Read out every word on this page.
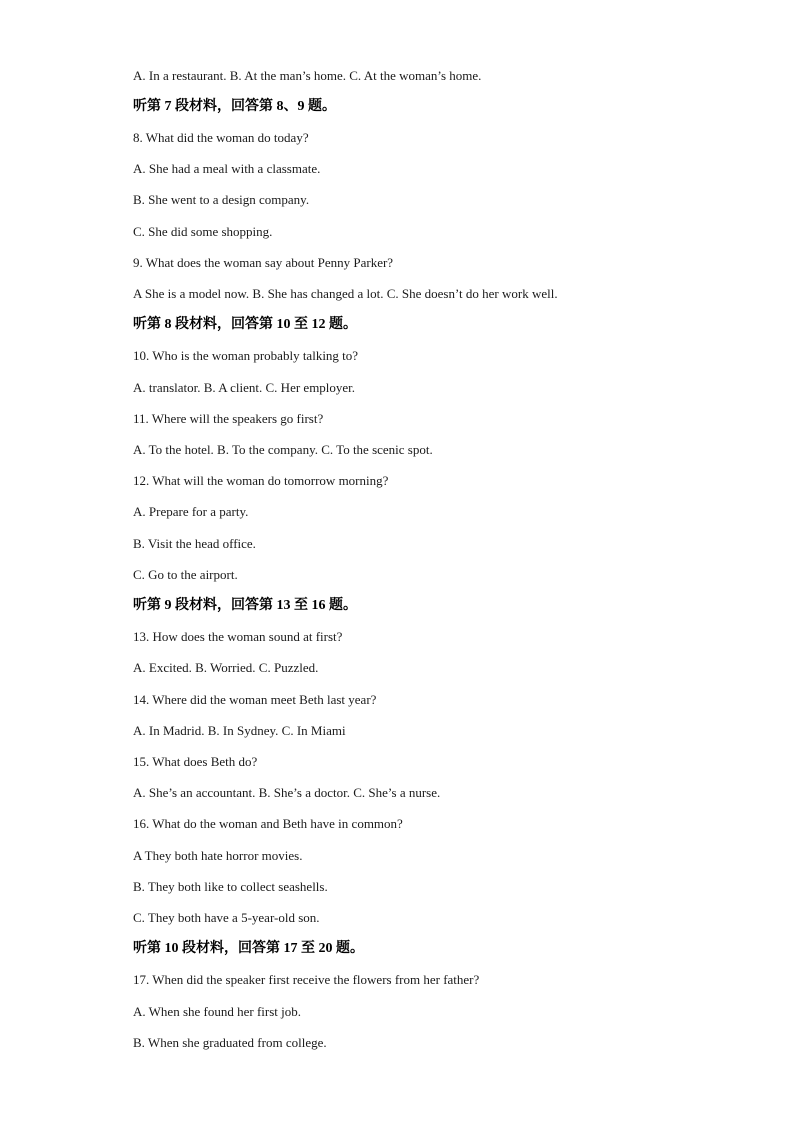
A. In a restaurant. B. At the man’s home. C. At the woman’s home.
听第 7 段材料，回答第 8、9 题。
8. What did the woman do today?
A. She had a meal with a classmate.
B. She went to a design company.
C. She did some shopping.
9. What does the woman say about Penny Parker?
A She is a model now. B. She has changed a lot. C. She doesn’t do her work well.
听第 8 段材料，回答第 10 至 12 题。
10. Who is the woman probably talking to?
A. translator. B. A client. C. Her employer.
11. Where will the speakers go first?
A. To the hotel. B. To the company. C. To the scenic spot.
12. What will the woman do tomorrow morning?
A. Prepare for a party.
B. Visit the head office.
C. Go to the airport.
听第 9 段材料，回答第 13 至 16 题。
13. How does the woman sound at first?
A. Excited. B. Worried. C. Puzzled.
14. Where did the woman meet Beth last year?
A. In Madrid. B. In Sydney. C. In Miami
15. What does Beth do?
A. She’s an accountant. B. She’s a doctor. C. She’s a nurse.
16. What do the woman and Beth have in common?
A They both hate horror movies.
B. They both like to collect seashells.
C. They both have a 5-year-old son.
听第 10 段材料，回答第 17 至 20 题。
17. When did the speaker first receive the flowers from her father?
A. When she found her first job.
B. When she graduated from college.
